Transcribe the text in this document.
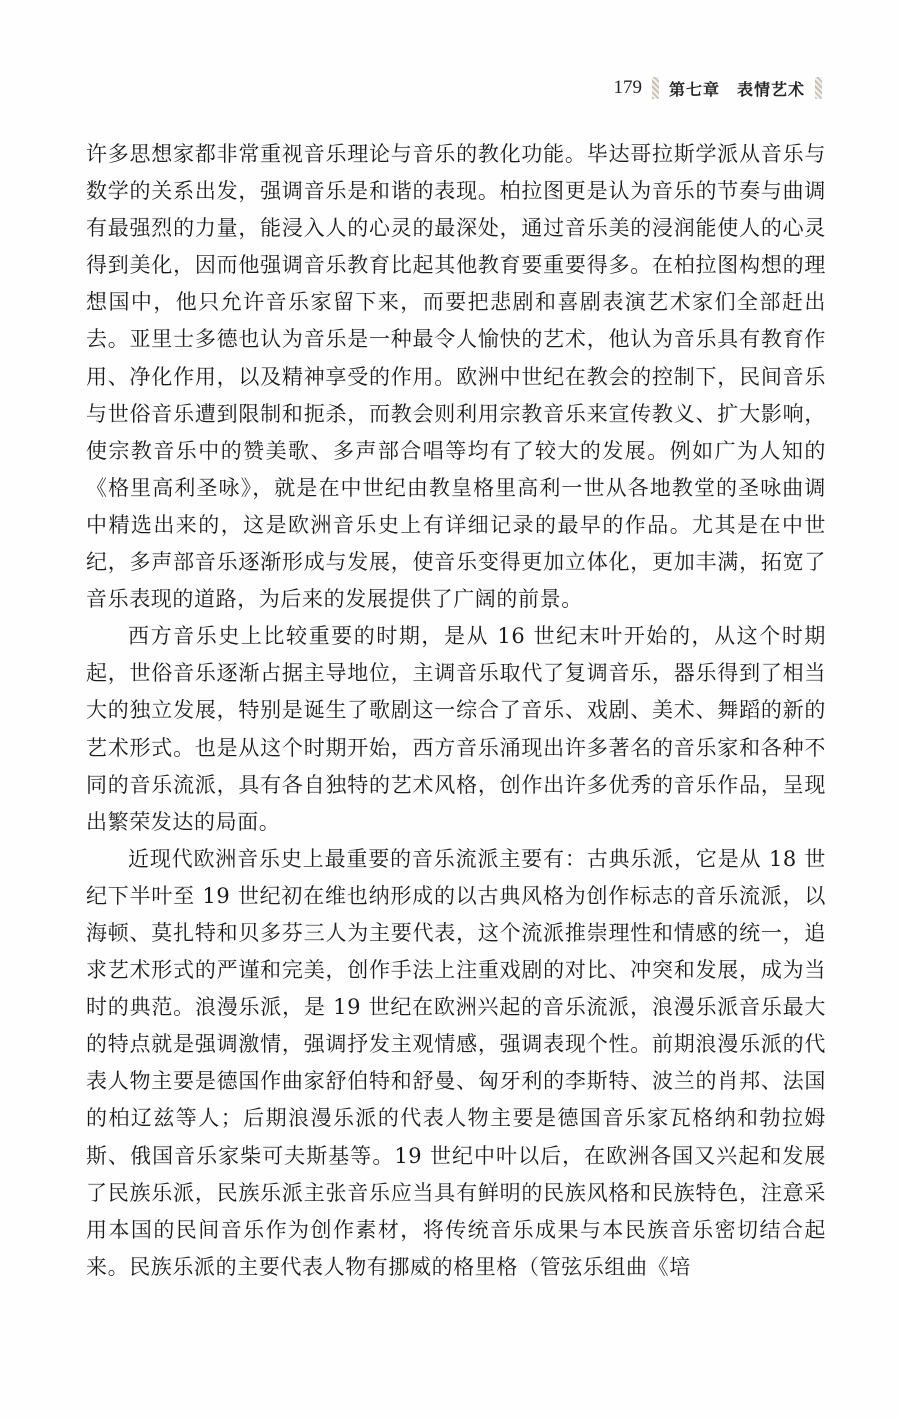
179 第七章　表情艺术

许多思想家都非常重视音乐理论与音乐的教化功能。毕达哥拉斯学派从音乐与数学的关系出发，强调音乐是和谐的表现。柏拉图更是认为音乐的节奏与曲调有最强烈的力量，能浸入人的心灵的最深处，通过音乐美的浸润能使人的心灵得到美化，因而他强调音乐教育比起其他教育要重要得多。在柏拉图构想的理想国中，他只允许音乐家留下来，而要把悲剧和喜剧表演艺术家们全部赶出去。亚里士多德也认为音乐是一种最令人愉快的艺术，他认为音乐具有教育作用、净化作用，以及精神享受的作用。欧洲中世纪在教会的控制下，民间音乐与世俗音乐遭到限制和扼杀，而教会则利用宗教音乐来宣传教义、扩大影响，使宗教音乐中的赞美歌、多声部合唱等均有了较大的发展。例如广为人知的《格里高利圣咏》，就是在中世纪由教皇格里高利一世从各地教堂的圣咏曲调中精选出来的，这是欧洲音乐史上有详细记录的最早的作品。尤其是在中世纪，多声部音乐逐渐形成与发展，使音乐变得更加立体化，更加丰满，拓宽了音乐表现的道路，为后来的发展提供了广阔的前景。

西方音乐史上比较重要的时期，是从 16 世纪末叶开始的，从这个时期起，世俗音乐逐渐占据主导地位，主调音乐取代了复调音乐，器乐得到了相当大的独立发展，特别是诞生了歌剧这一综合了音乐、戏剧、美术、舞蹈的新的艺术形式。也是从这个时期开始，西方音乐涌现出许多著名的音乐家和各种不同的音乐流派，具有各自独特的艺术风格，创作出许多优秀的音乐作品，呈现出繁荣发达的局面。

近现代欧洲音乐史上最重要的音乐流派主要有：古典乐派，它是从 18 世纪下半叶至 19 世纪初在维也纳形成的以古典风格为创作标志的音乐流派，以海顿、莫扎特和贝多芬三人为主要代表，这个流派推崇理性和情感的统一，追求艺术形式的严谨和完美，创作手法上注重戏剧的对比、冲突和发展，成为当时的典范。浪漫乐派，是 19 世纪在欧洲兴起的音乐流派，浪漫乐派音乐最大的特点就是强调激情，强调抒发主观情感，强调表现个性。前期浪漫乐派的代表人物主要是德国作曲家舒伯特和舒曼、匈牙利的李斯特、波兰的肖邦、法国的柏辽兹等人；后期浪漫乐派的代表人物主要是德国音乐家瓦格纳和勃拉姆斯、俄国音乐家柴可夫斯基等。19 世纪中叶以后，在欧洲各国又兴起和发展了民族乐派，民族乐派主张音乐应当具有鲜明的民族风格和民族特色，注意采用本国的民间音乐作为创作素材，将传统音乐成果与本民族音乐密切结合起来。民族乐派的主要代表人物有挪威的格里格（管弦乐组曲《培
